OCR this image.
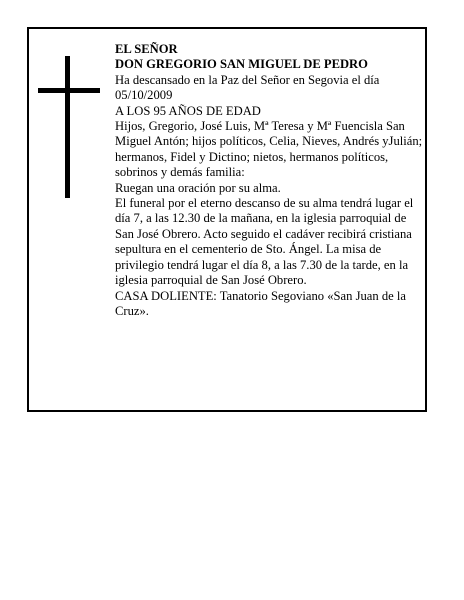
EL SEÑOR

DON GREGORIO SAN MIGUEL DE PEDRO

Ha descansado en la Paz del Señor en Segovia el día 05/10/2009

A LOS 95 AÑOS DE EDAD

Hijos, Gregorio, José Luis, Mª Teresa y Mª Fuencisla San Miguel Antón; hijos políticos, Celia, Nieves, Andrés yJulián; hermanos, Fidel y Dictino; nietos, hermanos políticos, sobrinos y demás familia:

Ruegan una oración por su alma.

El funeral por el eterno descanso de su alma tendrá lugar el día 7, a las 12.30 de la mañana, en la iglesia parroquial de San José Obrero. Acto seguido el cadáver recibirá cristiana sepultura en el cementerio de Sto. Ángel. La misa de privilegio tendrá lugar el día 8, a las 7.30 de la tarde, en la iglesia parroquial de San José Obrero.

CASA DOLIENTE: Tanatorio Segoviano «San Juan de la Cruz».
